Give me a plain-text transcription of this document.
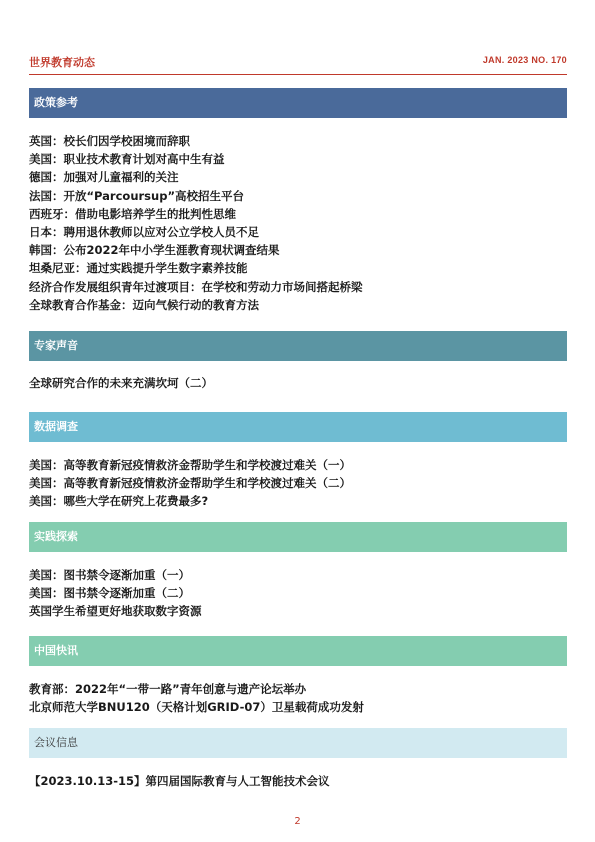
世界教育动态	JAN. 2023 NO. 170
政策参考
英国：校长们因学校困境而辞职
美国：职业技术教育计划对高中生有益
德国：加强对儿童福利的关注
法国：开放“Parcoursup”高校招生平台
西班牙：借助电影培养学生的批判性思维
日本：聘用退休教师以应对公立学校人员不足
韩国：公布2022年中小学生涯教育现状调查结果
坦桑尼亚：通过实践提升学生数字素养技能
经济合作发展组织青年过渡项目：在学校和劳动力市场间搭起桥梁
全球教育合作基金：迈向气候行动的教育方法
专家声音
全球研究合作的未来充满坎坷（二）
数据调查
美国：高等教育新冠疫情救济金帮助学生和学校渡过难关（一）
美国：高等教育新冠疫情救济金帮助学生和学校渡过难关（二）
美国：哪些大学在研究上花费最多?
实践探索
美国：图书禁令逐渐加重（一）
美国：图书禁令逐渐加重（二）
英国学生希望更好地获取数字资源
中国快讯
教育部：2022年“一带一路”青年创意与遗产论坛举办
北京师范大学BNU120（天格计划GRID-07）卫星载荷成功发射
会议信息
【2023.10.13-15】第四届国际教育与人工智能技术会议
2
